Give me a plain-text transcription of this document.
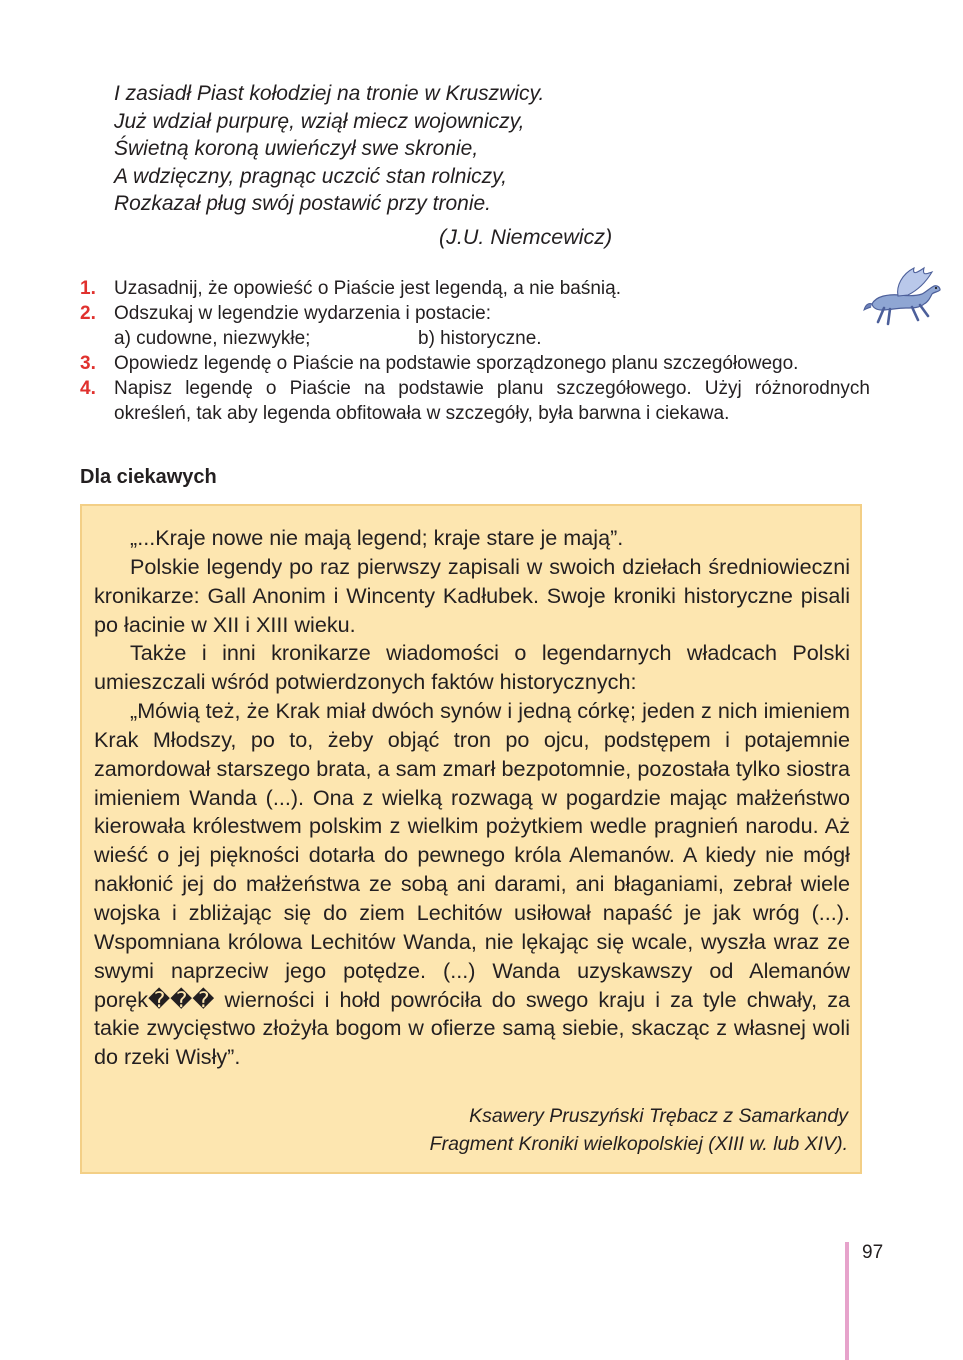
I zasiadł Piast kołodziej na tronie w Kruszwicy.
Już wdział purpurę, wziął miecz wojowniczy,
Świetną koroną uwieńczył swe skronie,
A wdzięczny, pragnąc uczcić stan rolniczy,
Rozkazał pług swój postawić przy tronie.
(J.U. Niemcewicz)
1. Uzasadnij, że opowieść o Piaście jest legendą, a nie baśnią.
2. Odszukaj w legendzie wydarzenia i postacie:
a) cudowne, niezwykłe;	b) historyczne.
3. Opowiedz legendę o Piaście na podstawie sporządzonego planu szczegółowego.
4. Napisz legendę o Piaście na podstawie planu szczegółowego. Użyj różnorodnych określeń, tak aby legenda obfitowała w szczegóły, była barwna i ciekawa.
Dla ciekawych

„...Kraje nowe nie mają legend; kraje stare je mają”.

Polskie legendy po raz pierwszy zapisali w swoich dziełach średniowieczni kronikarze: Gall Anonim i Wincenty Kadłubek. Swoje kroniki historyczne pisali po łacinie w XII i XIII wieku.

Także i inni kronikarze wiadomości o legendarnych władcach Polski umieszczali wśród potwierdzonych faktów historycznych:

„Mówią też, że Krak miał dwóch synów i jedną córkę; jeden z nich imieniem Krak Młodszy, po to, żeby objąć tron po ojcu, podstępem i potajemnie zamordował starszego brata, a sam zmarł bezpotomnie, pozostała tylko siostra imieniem Wanda (...). Ona z wielką rozwagą w pogardzie mając małżeństwo kierowała królestwem polskim z wielkim pożytkiem wedle pragnień narodu. Aż wieść o jej piękności dotarła do pewnego króla Alemanów. A kiedy nie mógł nakłonić jej do małżeństwa ze sobą ani darami, ani błaganiami, zebrał wiele wojska i zbliżając się do ziem Lechitów usiłował napaść je jak wróg (...). Wspomniana królowa Lechitów Wanda, nie lękając się wcale, wyszła wraz ze swymi naprzeciw jego potędze. (...) Wanda uzyskawszy od Alemanów poręk��� wierności i hołd powróciła do swego kraju i za tyle chwały, za takie zwycięstwo złożyła bogom w ofierze samą siebie, skacząc z własnej woli do rzeki Wisły”.

Ksawery Pruszyński Trębacz z Samarkandy
Fragment Kroniki wielkopolskiej (XIII w. lub XIV).
97
